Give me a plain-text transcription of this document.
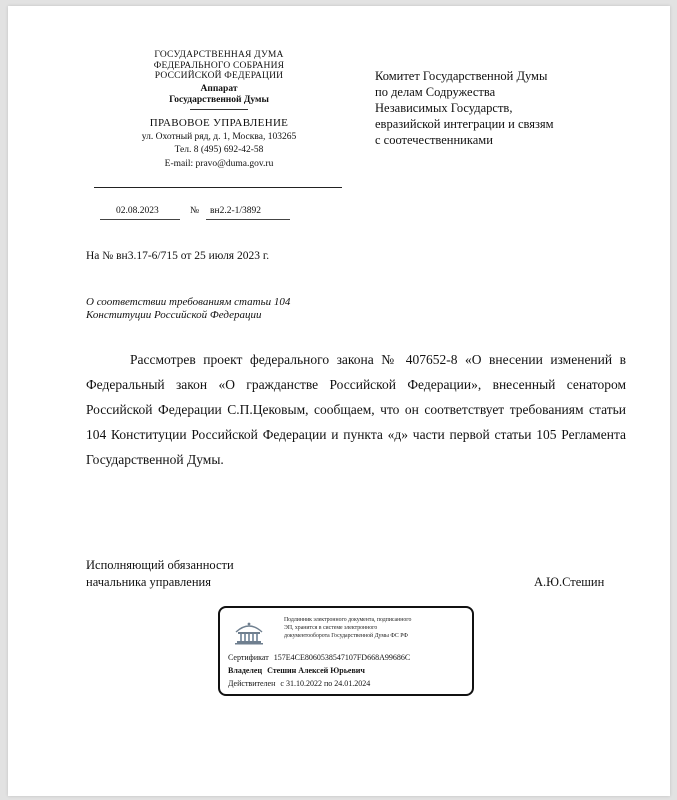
ГОСУДАРСТВЕННАЯ ДУМА
ФЕДЕРАЛЬНОГО СОБРАНИЯ
РОССИЙСКОЙ ФЕДЕРАЦИИ
Аппарат
Государственной Думы
ПРАВОВОЕ УПРАВЛЕНИЕ
ул. Охотный ряд, д. 1, Москва, 103265
Тел. 8 (495) 692-42-58
E-mail: pravo@duma.gov.ru
02.08.2023	№ вн2.2-1/3892
Комитет Государственной Думы
по делам Содружества
Независимых Государств,
евразийской интеграции и связям
с соотечественниками
На № вн3.17-6/715 от 25 июля 2023 г.
О соответствии требованиям статьи 104
Конституции Российской Федерации
Рассмотрев проект федерального закона № 407652-8 «О внесении изменений в Федеральный закон «О гражданстве Российской Федерации», внесенный сенатором Российской Федерации С.П.Цековым, сообщаем, что он соответствует требованиям статьи 104 Конституции Российской Федерации и пункта «д» части первой статьи 105 Регламента Государственной Думы.
Исполняющий обязанности
начальника управления	А.Ю.Стешин
Подлинник электронного документа, подписанного
ЭП, хранится в системе электронного
документооборота Государственной Думы ФС РФ
Сертификат 157E4CE8060538547107FD668A99686C
Владелец Стешин Алексей Юрьевич
Действителен с 31.10.2022 по 24.01.2024
